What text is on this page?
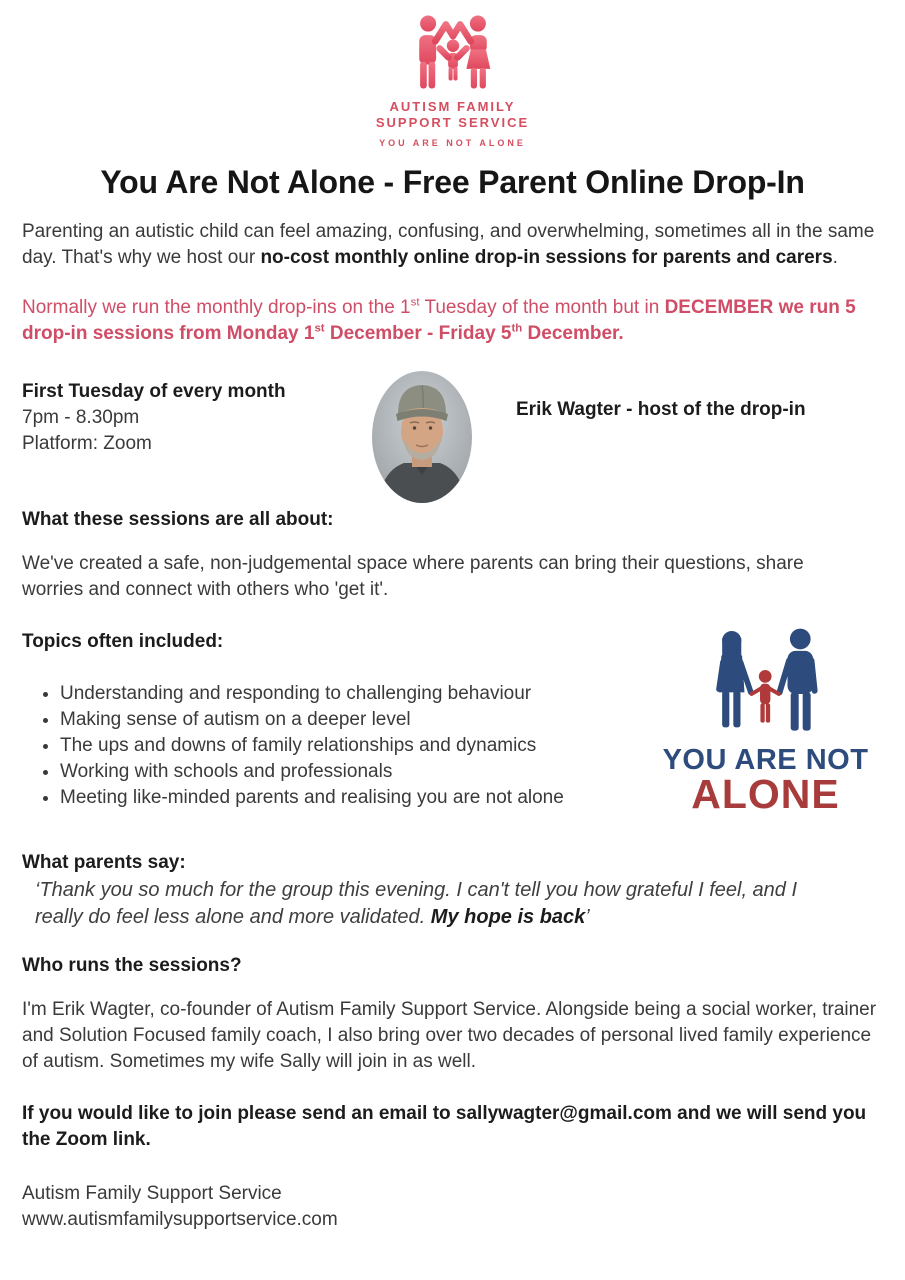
AUTISM FAMILY
SUPPORT SERVICE
YOU ARE NOT ALONE
You Are Not Alone - Free Parent Online Drop-In

Parenting an autistic child can feel amazing, confusing, and overwhelming, sometimes all in the same day. That's why we host our no-cost monthly online drop-in sessions for parents and carers.

Normally we run the monthly drop-ins on the 1st Tuesday of the month but in DECEMBER we run 5 drop-in sessions from Monday 1st December - Friday 5th December.

First Tuesday of every month
7pm - 8.30pm
Platform: Zoom
Erik Wagter - host of the drop-in
What these sessions are all about:

We've created a safe, non-judgemental space where parents can bring their questions, share worries and connect with others who 'get it'.

Topics often included:
• Understanding and responding to challenging behaviour
• Making sense of autism on a deeper level
• The ups and downs of family relationships and dynamics
• Working with schools and professionals
• Meeting like-minded parents and realising you are not alone
YOU ARE NOT
ALONE
What parents say:

‘Thank you so much for the group this evening. I can't tell you how grateful I feel, and I really do feel less alone and more validated. My hope is back’

Who runs the sessions?

I'm Erik Wagter, co-founder of Autism Family Support Service. Alongside being a social worker, trainer and Solution Focused family coach, I also bring over two decades of personal lived family experience of autism. Sometimes my wife Sally will join in as well.

If you would like to join please send an email to sallywagter@gmail.com and we will send you the Zoom link.

Autism Family Support Service
www.autismfamilysupportservice.com
